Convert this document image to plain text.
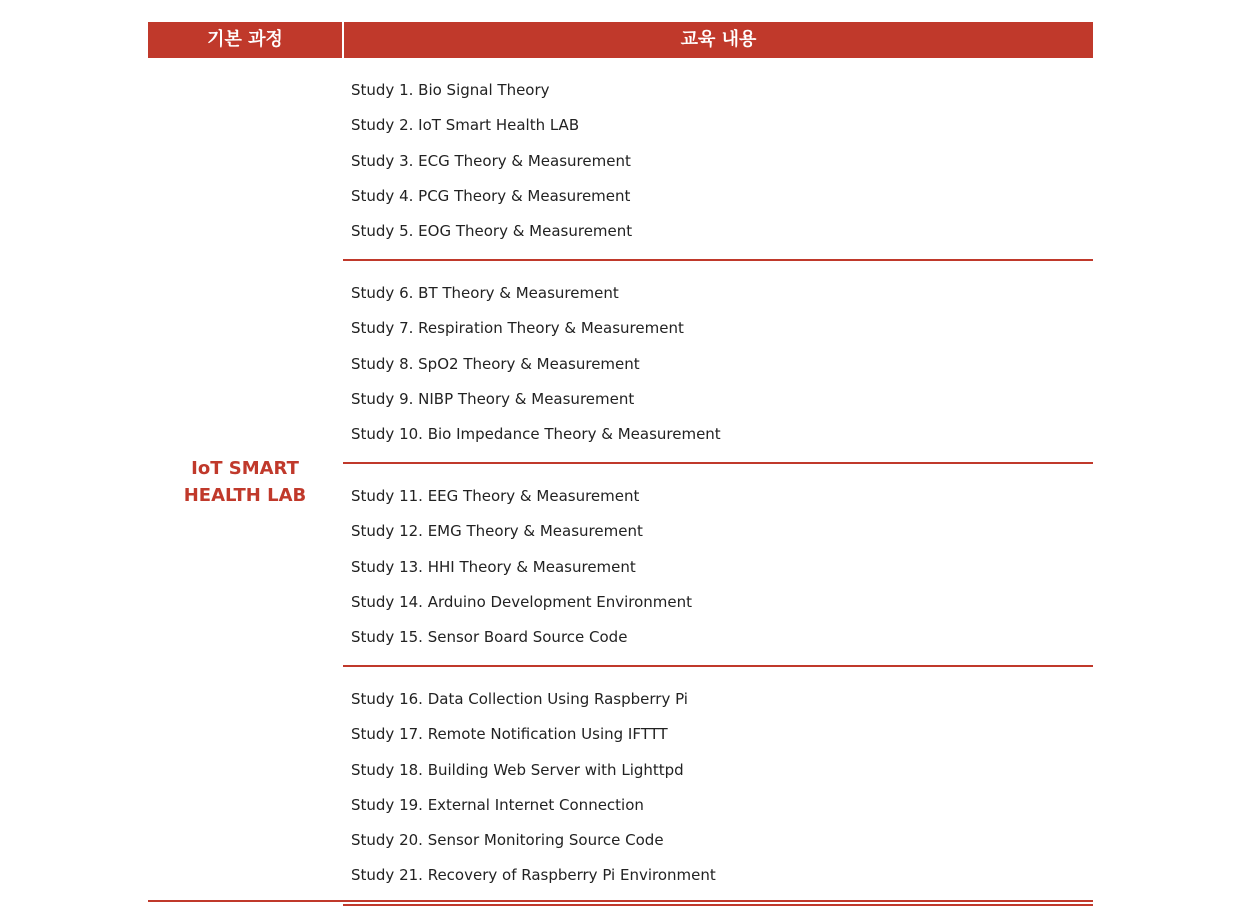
기본 과정	교육 내용
IoT SMART
HEALTH LAB
Study 1. Bio Signal Theory
Study 2. IoT Smart Health LAB
Study 3. ECG Theory & Measurement
Study 4. PCG Theory & Measurement
Study 5. EOG Theory & Measurement
Study 6. BT Theory & Measurement
Study 7. Respiration Theory & Measurement
Study 8. SpO2 Theory & Measurement
Study 9. NIBP Theory & Measurement
Study 10. Bio Impedance Theory & Measurement
Study 11. EEG Theory & Measurement
Study 12. EMG Theory & Measurement
Study 13. HHI Theory & Measurement
Study 14. Arduino Development Environment
Study 15. Sensor Board Source Code
Study 16. Data Collection Using Raspberry Pi
Study 17. Remote Notification Using IFTTT
Study 18. Building Web Server with Lighttpd
Study 19. External Internet Connection
Study 20. Sensor Monitoring Source Code
Study 21. Recovery of Raspberry Pi Environment
